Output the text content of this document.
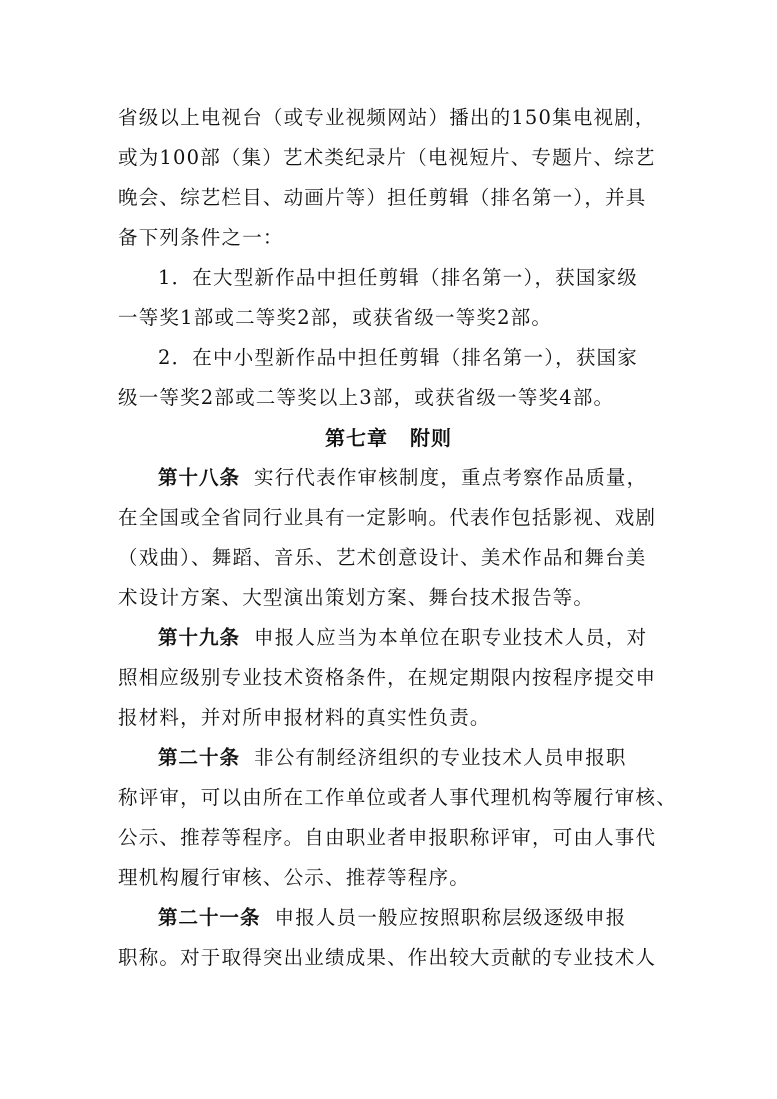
省级以上电视台（或专业视频网站）播出的150集电视剧，
或为100部（集）艺术类纪录片（电视短片、专题片、综艺
晚会、综艺栏目、动画片等）担任剪辑（排名第一），并具
备下列条件之一：
1．在大型新作品中担任剪辑（排名第一），获国家级
一等奖1部或二等奖2部，或获省级一等奖2部。
2．在中小型新作品中担任剪辑（排名第一），获国家
级一等奖2部或二等奖以上3部，或获省级一等奖4部。
第七章 附则
第十八条 实行代表作审核制度，重点考察作品质量，
在全国或全省同行业具有一定影响。代表作包括影视、戏剧
（戏曲）、舞蹈、音乐、艺术创意设计、美术作品和舞台美
术设计方案、大型演出策划方案、舞台技术报告等。
第十九条 申报人应当为本单位在职专业技术人员，对
照相应级别专业技术资格条件，在规定期限内按程序提交申
报材料，并对所申报材料的真实性负责。
第二十条 非公有制经济组织的专业技术人员申报职
称评审，可以由所在工作单位或者人事代理机构等履行审核、
公示、推荐等程序。自由职业者申报职称评审，可由人事代
理机构履行审核、公示、推荐等程序。
第二十一条 申报人员一般应按照职称层级逐级申报
职称。对于取得突出业绩成果、作出较大贡献的专业技术人
